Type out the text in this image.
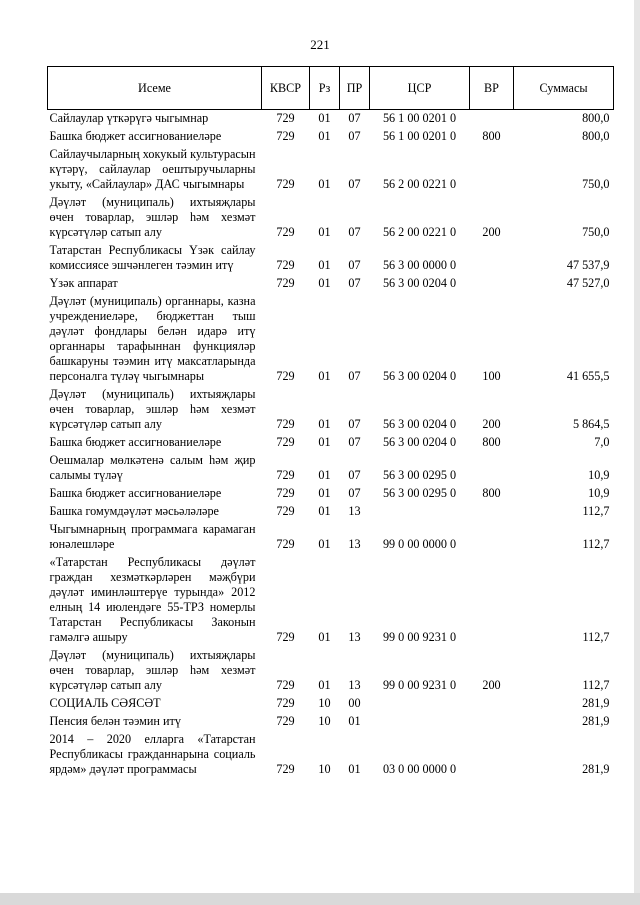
221
Исеме	КВСР	Рз	ПР	ЦСР	ВР	Суммасы
Сайлаулар үткәрүгә чыгымнар	729	01	07	56 1 00 0201 0		800,0
Башка бюджет ассигнованиеләре	729	01	07	56 1 00 0201 0	800	800,0
Сайлаучыларның хокукый культурасын күтәрү, сайлаулар оештыручыларны укыту, «Сайлаулар» ДАС чыгымнары	729	01	07	56 2 00 0221 0		750,0
Дәүләт (муниципаль) ихтыяҗлары өчен товарлар, эшләр һәм хезмәт күрсәтүләр сатып алу	729	01	07	56 2 00 0221 0	200	750,0
Татарстан Республикасы Үзәк сайлау комиссиясе эшчәнлеген тәэмин итү	729	01	07	56 3 00 0000 0		47 537,9
Үзәк аппарат	729	01	07	56 3 00 0204 0		47 527,0
Дәүләт (муниципаль) органнары, казна учреждениеләре, бюджеттан тыш дәүләт фондлары белән идарә итү органнары тарафыннан функцияләр башкаруны тәэмин итү максатларында персоналга түләү чыгымнары	729	01	07	56 3 00 0204 0	100	41 655,5
Дәүләт (муниципаль) ихтыяҗлары өчен товарлар, эшләр һәм хезмәт күрсәтүләр сатып алу	729	01	07	56 3 00 0204 0	200	5 864,5
Башка бюджет ассигнованиеләре	729	01	07	56 3 00 0204 0	800	7,0
Оешмалар мөлкәтенә салым һәм җир салымы түләү	729	01	07	56 3 00 0295 0		10,9
Башка бюджет ассигнованиеләре	729	01	07	56 3 00 0295 0	800	10,9
Башка гомумдәүләт мәсьәләләре	729	01	13			112,7
Чыгымнарның программага карамаган юнәлешләре	729	01	13	99 0 00 0000 0		112,7
«Татарстан Республикасы дәүләт граждан хезмәткәрләрен мәҗбүри дәүләт иминләштерүе турында» 2012 елның 14 июлендәге 55-ТРЗ номерлы Татарстан Республикасы Законын гамәлгә ашыру	729	01	13	99 0 00 9231 0		112,7
Дәүләт (муниципаль) ихтыяҗлары өчен товарлар, эшләр һәм хезмәт күрсәтүләр сатып алу	729	01	13	99 0 00 9231 0	200	112,7
СОЦИАЛЬ СӘЯСӘТ	729	10	00			281,9
Пенсия белән тәэмин итү	729	10	01			281,9
2014 – 2020 елларга «Татарстан Республикасы гражданнарына социаль ярдәм» дәүләт программасы	729	10	01	03 0 00 0000 0		281,9
